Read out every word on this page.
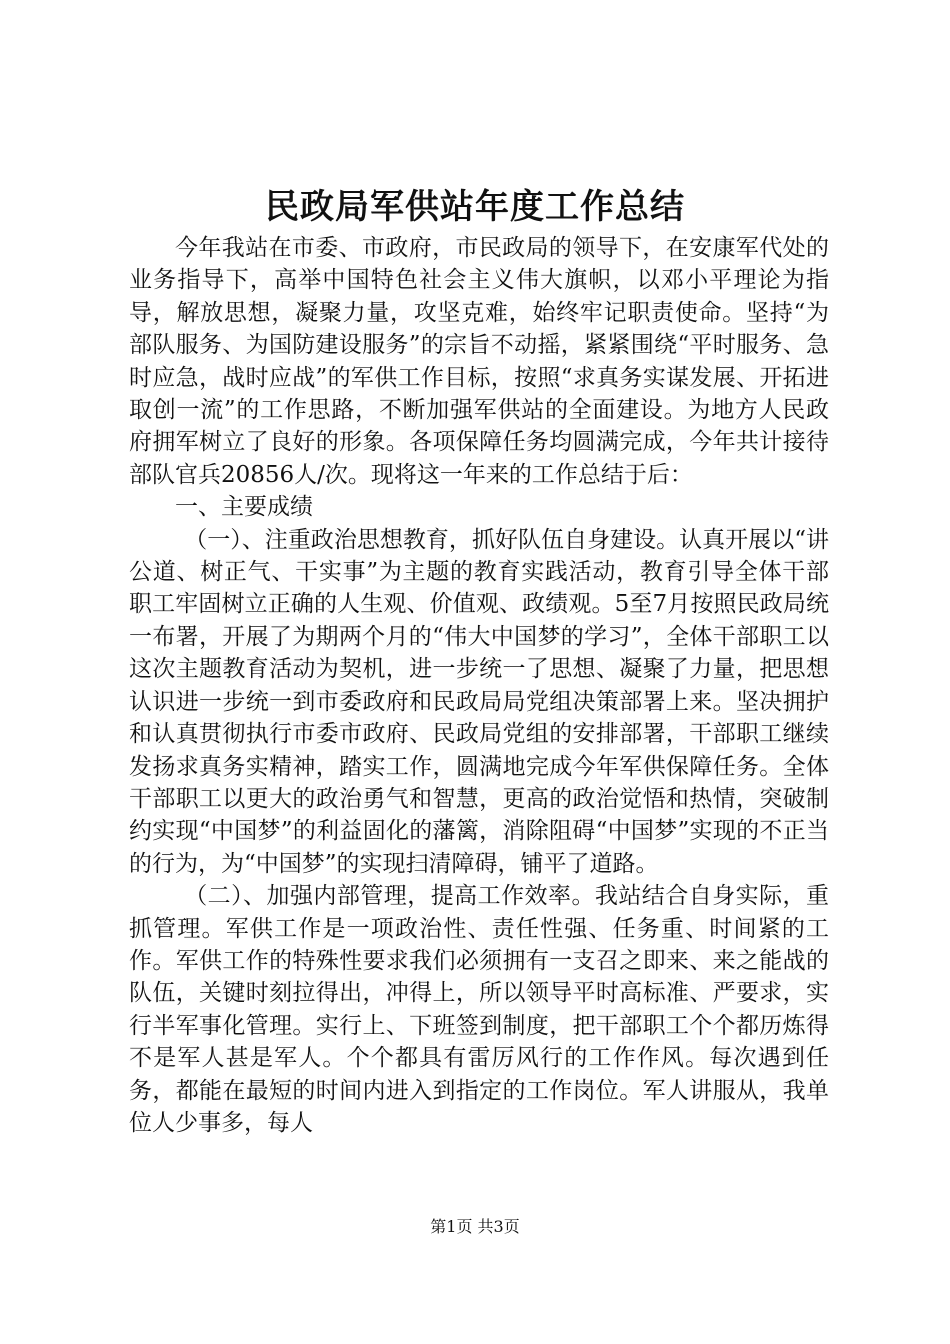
民政局军供站年度工作总结

今年我站在市委、市政府，市民政局的领导下，在安康军代处的业务指导下，高举中国特色社会主义伟大旗帜，以邓小平理论为指导，解放思想，凝聚力量，攻坚克难，始终牢记职责使命。坚持“为部队服务、为国防建设服务”的宗旨不动摇，紧紧围绕“平时服务、急时应急，战时应战”的军供工作目标，按照“求真务实谋发展、开拓进取创一流”的工作思路，不断加强军供站的全面建设。为地方人民政府拥军树立了良好的形象。各项保障任务均圆满完成，今年共计接待部队官兵20856人/次。现将这一年来的工作总结于后：

一、主要成绩

（一）、注重政治思想教育，抓好队伍自身建设。认真开展以“讲公道、树正气、干实事”为主题的教育实践活动，教育引导全体干部职工牢固树立正确的人生观、价值观、政绩观。5至7月按照民政局统一布署，开展了为期两个月的“伟大中国梦的学习”，全体干部职工以这次主题教育活动为契机，进一步统一了思想、凝聚了力量，把思想认识进一步统一到市委政府和民政局局党组决策部署上来。坚决拥护和认真贯彻执行市委市政府、民政局党组的安排部署，干部职工继续发扬求真务实精神，踏实工作，圆满地完成今年军供保障任务。全体干部职工以更大的政治勇气和智慧，更高的政治觉悟和热情，突破制约实现“中国梦”的利益固化的藩篱，消除阻碍“中国梦”实现的不正当的行为，为“中国梦”的实现扫清障碍，铺平了道路。

（二）、加强内部管理，提高工作效率。我站结合自身实际，重抓管理。军供工作是一项政治性、责任性强、任务重、时间紧的工作。军供工作的特殊性要求我们必须拥有一支召之即来、来之能战的队伍，关键时刻拉得出，冲得上，所以领导平时高标准、严要求，实行半军事化管理。实行上、下班签到制度，把干部职工个个都历炼得不是军人甚是军人。个个都具有雷厉风行的工作作风。每次遇到任务，都能在最短的时间内进入到指定的工作岗位。军人讲服从，我单位人少事多，每人

第1页 共3页
